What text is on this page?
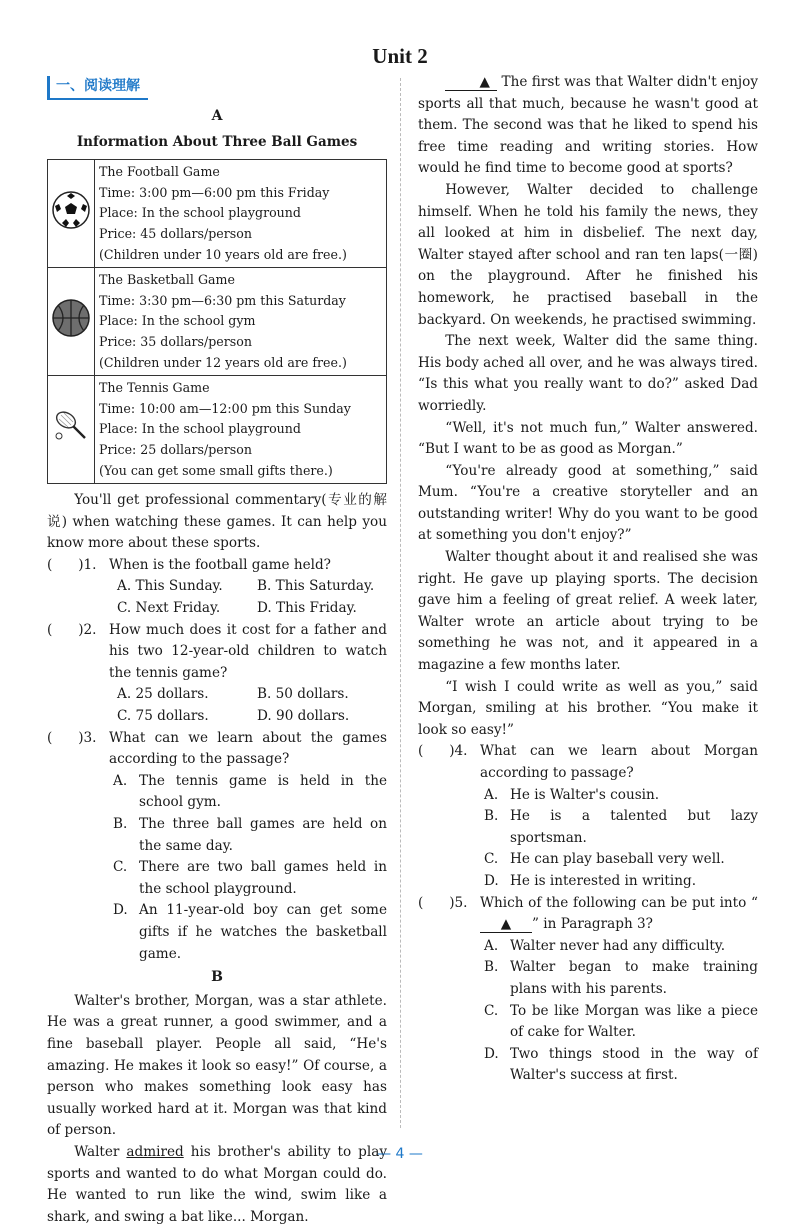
Unit 2
一、阅读理解
A
Information About Three Ball Games

The Football Game
Time: 3:00 pm—6:00 pm this Friday
Place: In the school playground
Price: 45 dollars/person
(Children under 10 years old are free.)

The Basketball Game
Time: 3:30 pm—6:30 pm this Saturday
Place: In the school gym
Price: 35 dollars/person
(Children under 12 years old are free.)

The Tennis Game
Time: 10:00 am—12:00 pm this Sunday
Place: In the school playground
Price: 25 dollars/person
(You can get some small gifts there.)

You'll get professional commentary(专业的解说) when watching these games. It can help you know more about these sports.

(      )1. When is the football game held?
A. This Sunday.	B. This Saturday.
C. Next Friday.	D. This Friday.
(      )2. How much does it cost for a father and his two 12-year-old children to watch the tennis game?
A. 25 dollars.	B. 50 dollars.
C. 75 dollars.	D. 90 dollars.
(      )3. What can we learn about the games according to the passage?
A. The tennis game is held in the school gym.
B. The three ball games are held on the same day.
C. There are two ball games held in the school playground.
D. An 11-year-old boy can get some gifts if he watches the basketball game.
B

Walter's brother, Morgan, was a star athlete. He was a great runner, a good swimmer, and a fine baseball player. People all said, “He's amazing. He makes it look so easy!” Of course, a person who makes something look easy has usually worked hard at it. Morgan was that kind of person.

Walter admired his brother's ability to play sports and wanted to do what Morgan could do. He wanted to run like the wind, swim like a shark, and swing a bat like... Morgan.

▲ The first was that Walter didn't enjoy sports all that much, because he wasn't good at them. The second was that he liked to spend his free time reading and writing stories. How would he find time to become good at sports?

However, Walter decided to challenge himself. When he told his family the news, they all looked at him in disbelief. The next day, Walter stayed after school and ran ten laps(一圈) on the playground. After he finished his homework, he practised baseball in the backyard. On weekends, he practised swimming.

The next week, Walter did the same thing. His body ached all over, and he was always tired. “Is this what you really want to do?” asked Dad worriedly.

“Well, it's not much fun,” Walter answered. “But I want to be as good as Morgan.”

“You're already good at something,” said Mum. “You're a creative storyteller and an outstanding writer! Why do you want to be good at something you don't enjoy?”

Walter thought about it and realised she was right. He gave up playing sports. The decision gave him a feeling of great relief. A week later, Walter wrote an article about trying to be something he was not, and it appeared in a magazine a few months later.

“I wish I could write as well as you,” said Morgan, smiling at his brother. “You make it look so easy!”

(      )4. What can we learn about Morgan according to passage?
A. He is Walter's cousin.
B. He is a talented but lazy sportsman.
C. He can play baseball very well.
D. He is interested in writing.
(      )5. Which of the following can be put into “▲ ” in Paragraph 3?
A. Walter never had any difficulty.
B. Walter began to make training plans with his parents.
C. To be like Morgan was like a piece of cake for Walter.
D. Two things stood in the way of Walter's success at first.
— 4 —
